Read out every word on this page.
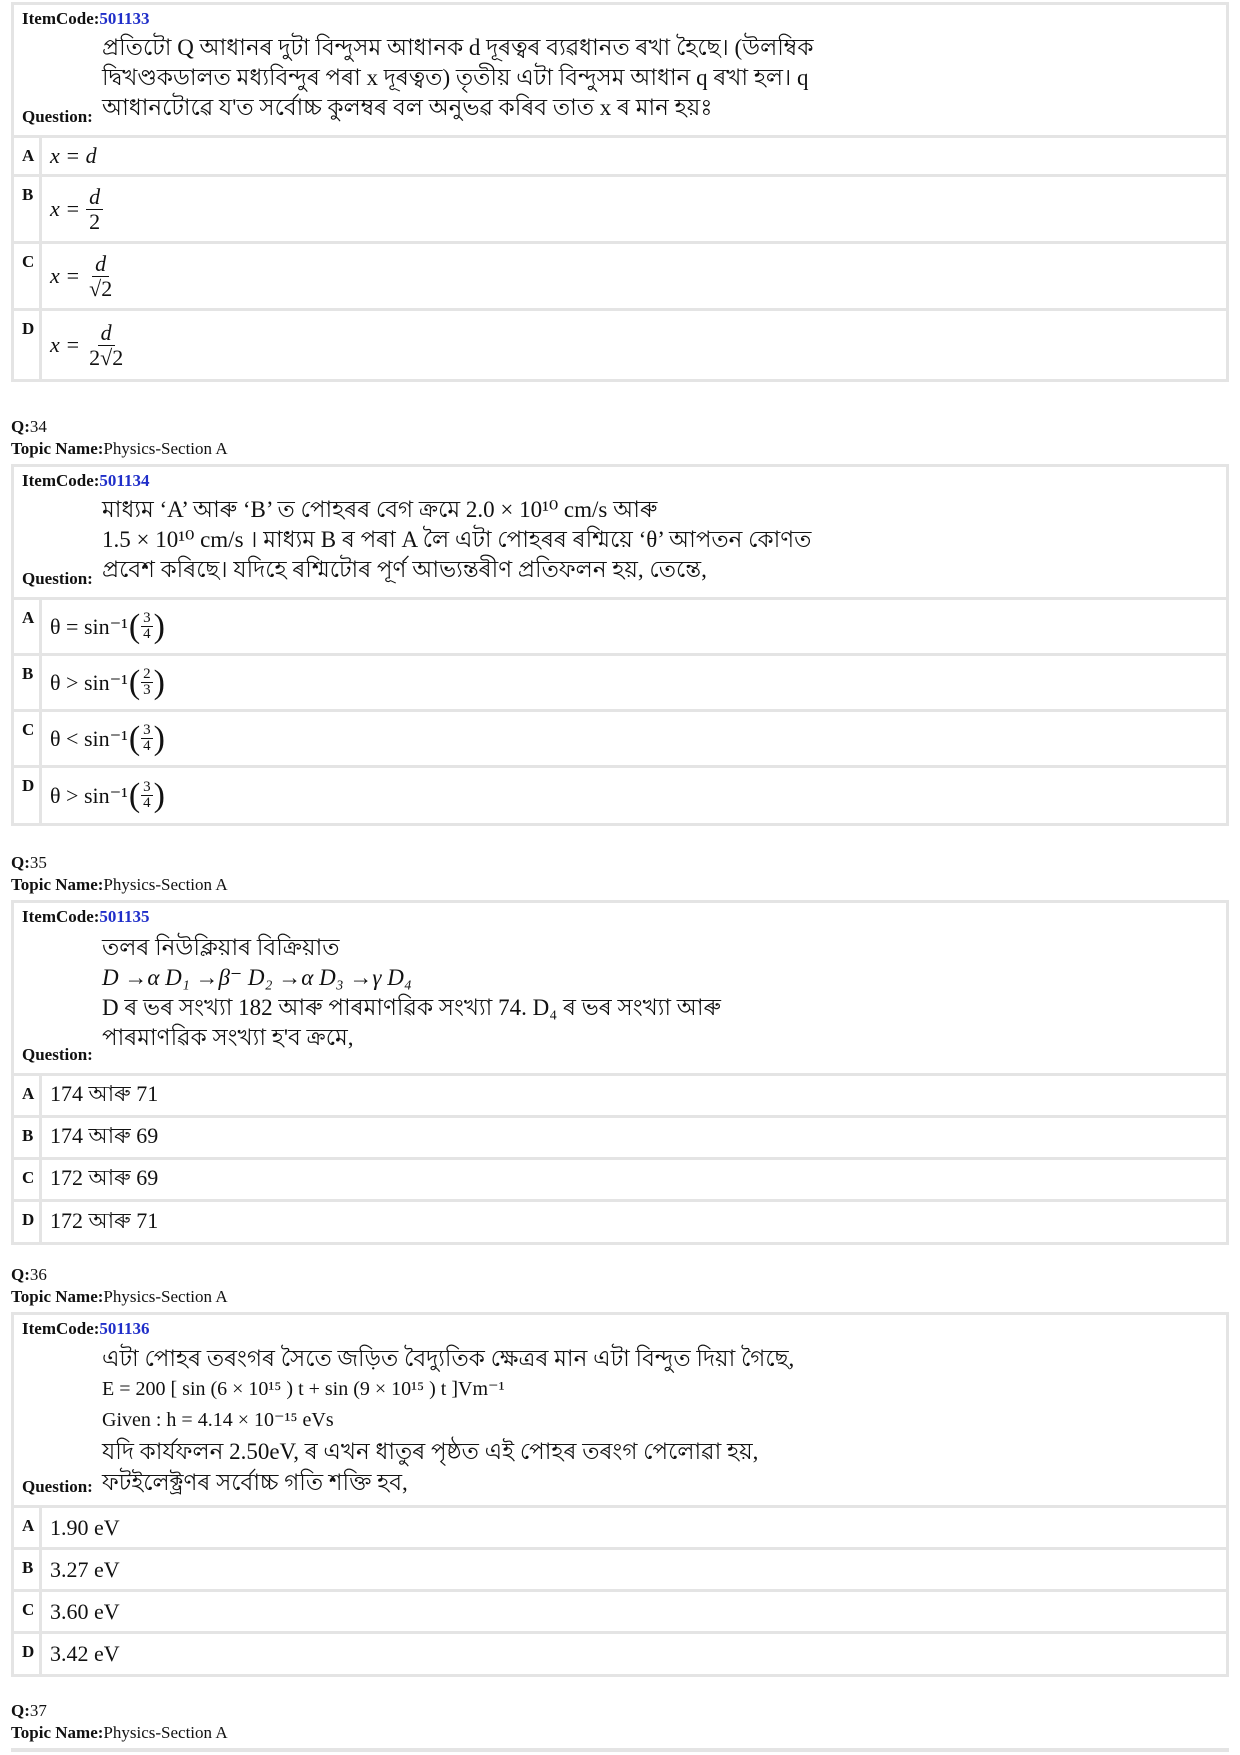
ItemCode:501133
প্ৰতিটো Q আধানৰ দুটা বিন্দুসম আধানক d দূৰত্বৰ ব্যৱধানত ৰখা হৈছে। (উলম্বিক
দ্বিখণ্ডকডালত মধ্যবিন্দুৰ পৰা x দূৰত্বত) তৃতীয় এটা বিন্দুসম আধান q ৰখা হল। q
আধানটোৱে য'ত সৰ্বোচ্চ কুলম্বৰ বল অনুভৱ কৰিব তাত x ৰ মান হয়ঃ
Question:
A x = d
B
$x = \frac{d}{2}$
C
$x = \frac{d}{√2}$
D
$x = \frac{d}{2√2}$
Q:34
Topic Name:Physics-Section A
ItemCode:501134
মাধ্যম ‘A’ আৰু ‘B’ ত পোহৰৰ বেগ ক্ৰমে 2.0 × 10¹⁰ cm/s আৰু
1.5 × 10¹⁰ cm/s । মাধ্যম B ৰ পৰা A লৈ এটা পোহৰৰ ৰশ্মিয়ে ‘θ’ আপতন কোণত
প্ৰবেশ কৰিছে। যদিহে ৰশ্মিটোৰ পূৰ্ণ আভ্যন্তৰীণ প্ৰতিফলন হয়, তেন্তে,
Question:
A θ = sin⁻¹ ( 3
4 )
B θ > sin⁻¹ ( 2
3 )
C θ < sin⁻¹ ( 3
4 )
D θ > sin⁻¹ ( 3
4 )
Q:35
Topic Name:Physics-Section A
ItemCode:501135
তলৰ নিউক্লিয়াৰ বিক্ৰিয়াত
D →α D₁ →β⁻ D₂ →α D₃ →γ D₄
D ৰ ভৰ সংখ্যা 182 আৰু পাৰমাণৱিক সংখ্যা 74. D₄ ৰ ভৰ সংখ্যা আৰু
পাৰমাণৱিক সংখ্যা হ'ব ক্ৰমে,
Question:
A 174 আৰু 71
B 174 আৰু 69
C 172 আৰু 69
D 172 আৰু 71
Q:36
Topic Name:Physics-Section A
ItemCode:501136
এটা পোহৰ তৰংগৰ সৈতে জড়িত বৈদ্যুতিক ক্ষেত্ৰৰ মান এটা বিন্দুত দিয়া গৈছে,
E = 200 [ sin (6 × 10¹⁵ ) t + sin (9 × 10¹⁵ ) t ]Vm⁻¹
Given : h = 4.14 × 10⁻¹⁵ eVs
যদি কাৰ্যফলন 2.50eV, ৰ এখন ধাতুৰ পৃষ্ঠত এই পোহৰ তৰংগ পেলোৱা হয়,
ফটইলেক্ট্ৰণৰ সৰ্বোচ্চ গতি শক্তি হব,
Question:
A 1.90 eV
B 3.27 eV
C 3.60 eV
D 3.42 eV
Q:37
Topic Name:Physics-Section A
